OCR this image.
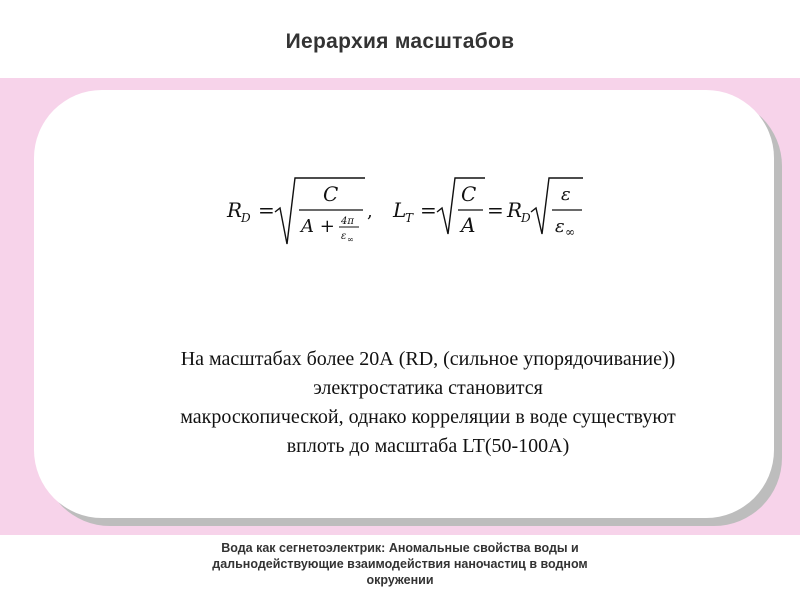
Иерархия масштабов
R
D =
C
A + 4π
ε ∞
, L
T =
C
A
= R
D
ε
ε ∞
На масштабах более 20А (RD, (сильное упорядочивание))
электростатика становится
макроскопической, однако корреляции в воде существуют
вплоть до масштаба LT(50-100А)
Вода как сегнетоэлектрик: Аномальные свойства воды и
дальнодействующие взаимодействия наночастиц в водном
окружении
